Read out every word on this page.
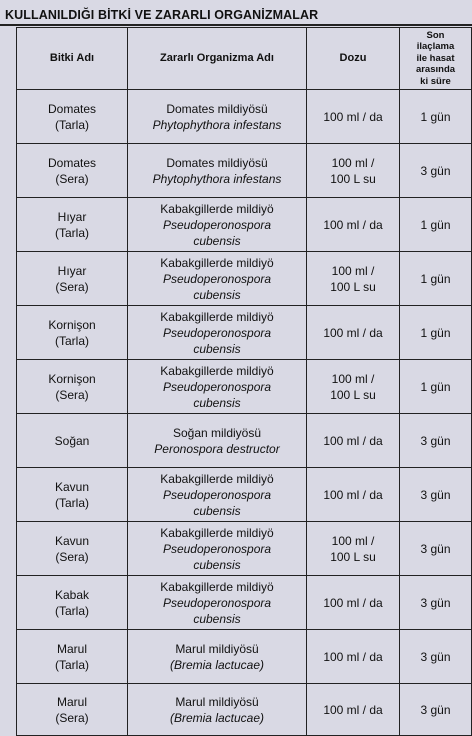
KULLANILDIĞI BİTKİ VE ZARARLI ORGANİZMALAR
Bitki Adı	Zararlı Organizma Adı	Dozu	Son
ilaçlama
ile hasat
arasında
ki süre

Domates
(Tarla)	Domates mildiyösü
Phytophythora infestans	100 ml / da	1 gün

Domates
(Sera)	Domates mildiyösü
Phytophythora infestans	100 ml /
100 L su	3 gün

Hıyar
(Tarla)	Kabakgillerde mildiyö
Pseudoperonospora
cubensis	100 ml / da	1 gün

Hıyar
(Sera)	Kabakgillerde mildiyö
Pseudoperonospora
cubensis	100 ml /
100 L su	1 gün

Kornişon
(Tarla)	Kabakgillerde mildiyö
Pseudoperonospora
cubensis	100 ml / da	1 gün

Kornişon
(Sera)	Kabakgillerde mildiyö
Pseudoperonospora
cubensis	100 ml /
100 L su	1 gün

Soğan	Soğan mildiyösü
Peronospora destructor	100 ml / da	3 gün

Kavun
(Tarla)	Kabakgillerde mildiyö
Pseudoperonospora
cubensis	100 ml / da	3 gün

Kavun
(Sera)	Kabakgillerde mildiyö
Pseudoperonospora
cubensis	100 ml /
100 L su	3 gün

Kabak
(Tarla)	Kabakgillerde mildiyö
Pseudoperonospora
cubensis	100 ml / da	3 gün

Marul
(Tarla)	Marul mildiyösü
(Bremia lactucae)	100 ml / da	3 gün

Marul
(Sera)	Marul mildiyösü
(Bremia lactucae)	100 ml / da	3 gün
